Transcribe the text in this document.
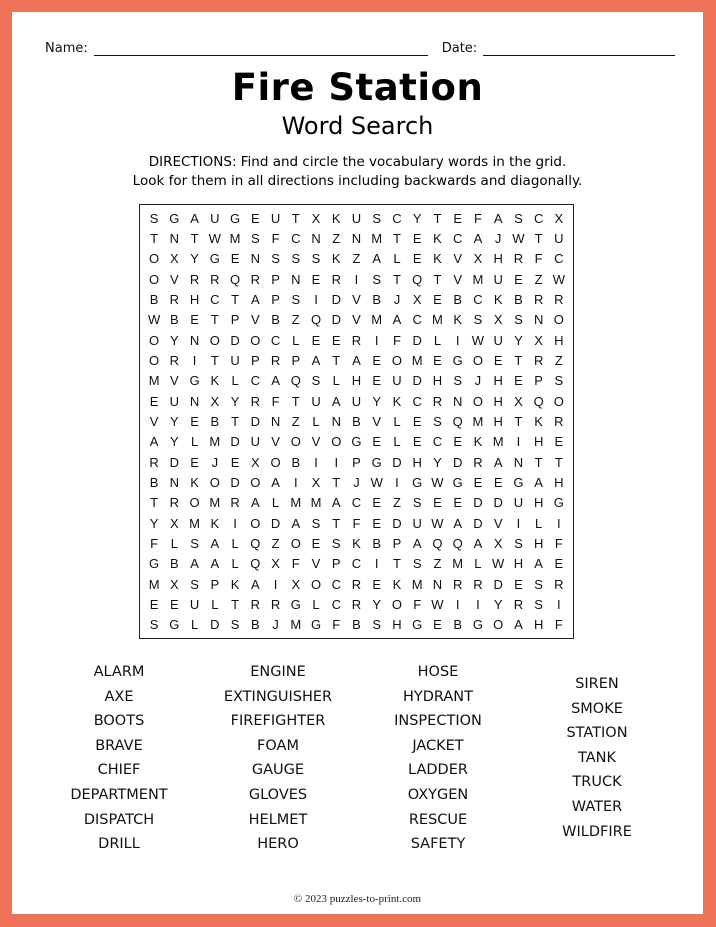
Name:	Date:
Fire Station
Word Search
DIRECTIONS: Find and circle the vocabulary words in the grid.
Look for them in all directions including backwards and diagonally.
S G A U G E U T X K U S C Y T E F A S C X
T N T W M S F C N Z N M T E K C A J W T U
O X Y G E N S S S K Z A L E K V X H R F C
O V R R Q R P N E R	I	S T Q T V M U E Z W
B R H C T A P S	I	D V B J X E B C K B R R
W B E T P V B Z Q D V M A C M K S X S N O
O Y N O D O C L E E R	I	F D L	I W U Y X H
O R	I	T U P R P A T A E O M E G O E T R Z
M V G K L C A Q S L H E U D H S J H E P S
E U N X Y R F T U A U Y K C R N O H X Q O
V Y E B T D N Z L N B V L E S Q M H T K R
A Y L M D U V O V O G E L E C E K M	I	H E
R D E J E X O B	I	I	P G D H Y D R A N T T
B N K O D O A	I	X T	J W I	G W G E E G A H
T R O M R A L M M A C E Z S E E D D U H G
Y X M K	I	O D A S T F E D U W A D V	I	L	I
F L S A L Q Z O E S K B P A Q Q A X S H F
G B A A L Q X F V P C	I	T S Z M L W H A E
M X S P K A	I	X O C R E K M N R R D E S R
E E U L T R R G L C R Y O F W I	I	Y R S	I
S G L D S B J M G F B S H G E B G O A H F
ALARM
AXE
BOOTS
BRAVE
CHIEF
DEPARTMENT
DISPATCH
DRILL
ENGINE
EXTINGUISHER
FIREFIGHTER
FOAM
GAUGE
GLOVES
HELMET
HERO
HOSE
HYDRANT
INSPECTION
JACKET
LADDER
OXYGEN
RESCUE
SAFETY
SIREN
SMOKE
STATION
TANK
TRUCK
WATER
WILDFIRE
© 2023 puzzles-to-print.com
